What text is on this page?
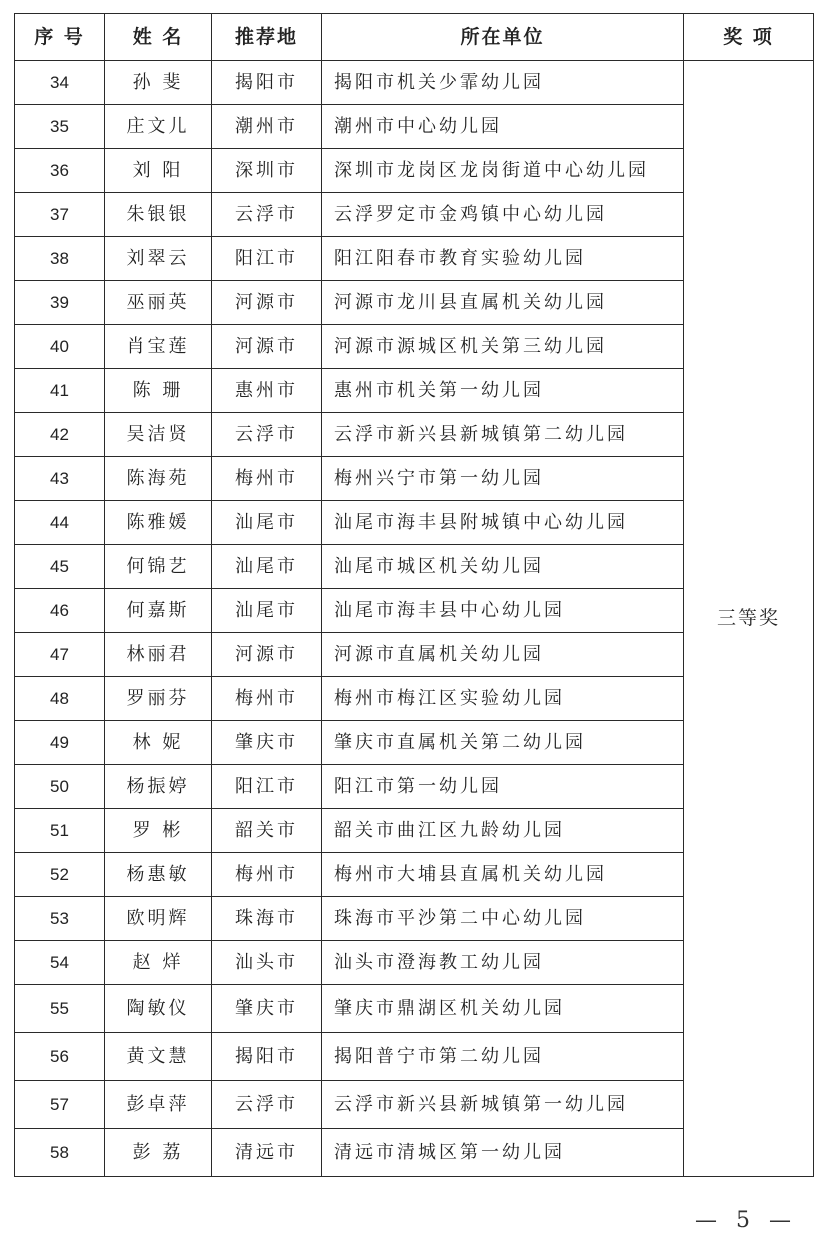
序 号	姓 名	推荐地	所在单位	奖 项
34	孙 斐	揭阳市	揭阳市机关少霏幼儿园	三等奖
35	庄文儿	潮州市	潮州市中心幼儿园	
36	刘 阳	深圳市	深圳市龙岗区龙岗街道中心幼儿园	
37	朱银银	云浮市	云浮罗定市金鸡镇中心幼儿园	
38	刘翠云	阳江市	阳江阳春市教育实验幼儿园	
39	巫丽英	河源市	河源市龙川县直属机关幼儿园	
40	肖宝莲	河源市	河源市源城区机关第三幼儿园	
41	陈 珊	惠州市	惠州市机关第一幼儿园	
42	吴洁贤	云浮市	云浮市新兴县新城镇第二幼儿园	
43	陈海苑	梅州市	梅州兴宁市第一幼儿园	
44	陈雅媛	汕尾市	汕尾市海丰县附城镇中心幼儿园	
45	何锦艺	汕尾市	汕尾市城区机关幼儿园	
46	何嘉斯	汕尾市	汕尾市海丰县中心幼儿园	
47	林丽君	河源市	河源市直属机关幼儿园	
48	罗丽芬	梅州市	梅州市梅江区实验幼儿园	
49	林 妮	肇庆市	肇庆市直属机关第二幼儿园	
50	杨振婷	阳江市	阳江市第一幼儿园	
51	罗 彬	韶关市	韶关市曲江区九龄幼儿园	
52	杨惠敏	梅州市	梅州市大埔县直属机关幼儿园	
53	欧明辉	珠海市	珠海市平沙第二中心幼儿园	
54	赵 烊	汕头市	汕头市澄海教工幼儿园	
55	陶敏仪	肇庆市	肇庆市鼎湖区机关幼儿园	
56	黄文慧	揭阳市	揭阳普宁市第二幼儿园	
57	彭卓萍	云浮市	云浮市新兴县新城镇第一幼儿园	
58	彭 荔	清远市	清远市清城区第一幼儿园	
— 5 —
